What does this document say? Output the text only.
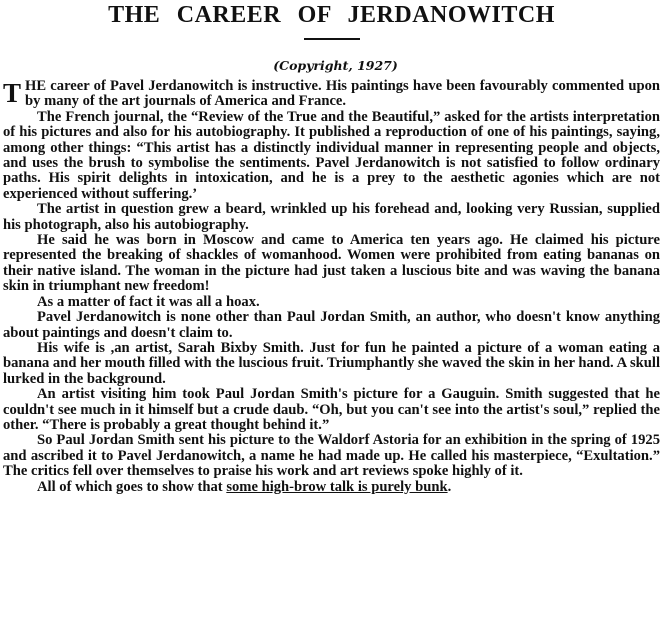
THE CAREER OF JERDANOWITCH
(Copyright, 1927)

THE career of Pavel Jerdanowitch is instructive. His paintings have been favourably commented upon by many of the art journals of America and France.

The French journal, the “Review of the True and the Beautiful,” asked for the artists interpretation of his pictures and also for his autobiography. It published a reproduction of one of his paintings, saying, among other things: “This artist has a distinctly individual manner in representing people and objects, and uses the brush to symbolise the sentiments. Pavel Jerdanowitch is not satisfied to follow ordinary paths. His spirit delights in intoxication, and he is a prey to the aesthetic agonies which are not experienced without suffering.’

The artist in question grew a beard, wrinkled up his forehead and, looking very Russian, supplied his photograph, also his autobiography.

He said he was born in Moscow and came to America ten years ago. He claimed his picture represented the breaking of shackles of womanhood. Women were prohibited from eating bananas on their native island. The woman in the picture had just taken a luscious bite and was waving the banana skin in triumphant new freedom!

As a matter of fact it was all a hoax.

Pavel Jerdanowitch is none other than Paul Jordan Smith, an author, who doesn't know anything about paintings and doesn't claim to.

His wife is ,an artist, Sarah Bixby Smith. Just for fun he painted a picture of a woman eating a banana and her mouth filled with the luscious fruit. Triumphantly she waved the skin in her hand. A skull lurked in the background.

An artist visiting him took Paul Jordan Smith's picture for a Gauguin. Smith suggested that he couldn't see much in it himself but a crude daub. “Oh, but you can't see into the artist's soul,” replied the other. “There is probably a great thought behind it.”

So Paul Jordan Smith sent his picture to the Waldorf Astoria for an exhibition in the spring of 1925 and ascribed it to Pavel Jerdanowitch, a name he had made up. He called his masterpiece, “Exultation.” The critics fell over themselves to praise his work and art reviews spoke highly of it.

All of which goes to show that some high-brow talk is purely bunk.
